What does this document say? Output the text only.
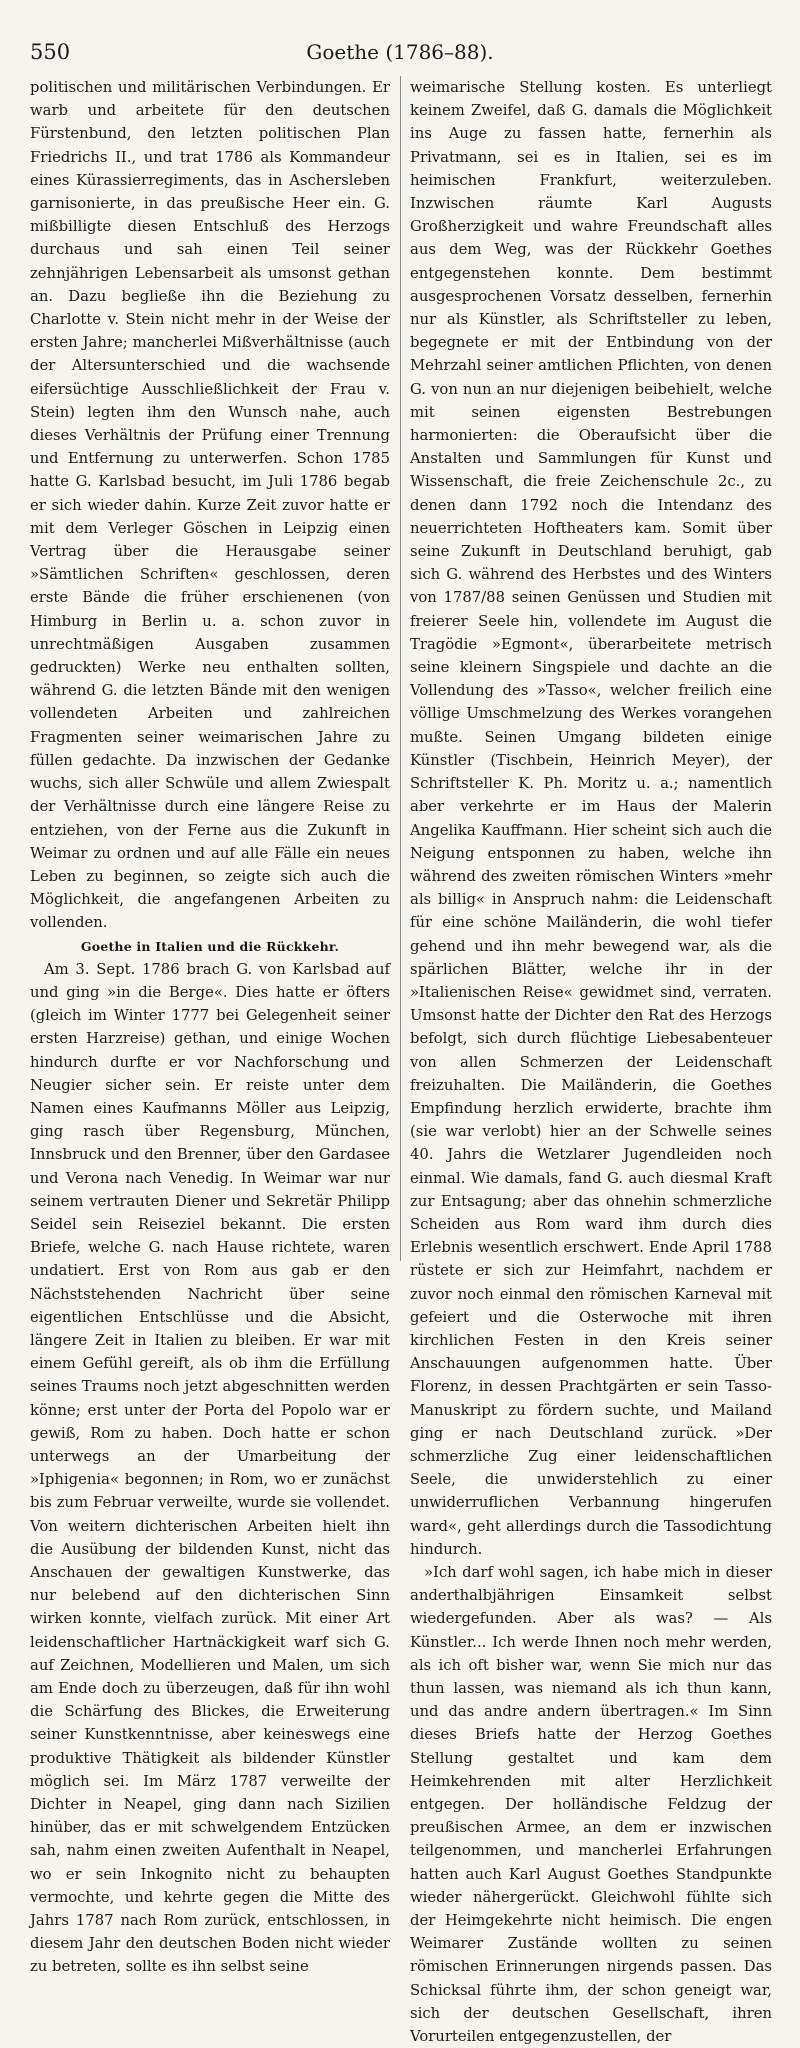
550	Goethe (1786–88).

politischen und militärischen Verbindungen. Er warb und arbeitete für den deutschen Fürstenbund, den letzten politischen Plan Friedrichs II., und trat 1786 als Kommandeur eines Kürassierregiments, das in Aschersleben garnisonierte, in das preußische Heer ein. G. mißbilligte diesen Entschluß des Herzogs durchaus und sah einen Teil seiner zehnjährigen Lebensarbeit als umsonst gethan an. Dazu begließe ihn die Beziehung zu Charlotte v. Stein nicht mehr in der Weise der ersten Jahre; mancherlei Mißverhältnisse (auch der Altersunterschied und die wachsende eifersüchtige Ausschließlichkeit der Frau v. Stein) legten ihm den Wunsch nahe, auch dieses Verhältnis der Prüfung einer Trennung und Entfernung zu unterwerfen. Schon 1785 hatte G. Karlsbad besucht, im Juli 1786 begab er sich wieder dahin. Kurze Zeit zuvor hatte er mit dem Verleger Göschen in Leipzig einen Vertrag über die Herausgabe seiner »Sämtlichen Schriften« geschlossen, deren erste Bände die früher erschienenen (von Himburg in Berlin u. a. schon zuvor in unrechtmäßigen Ausgaben zusammen gedruckten) Werke neu enthalten sollten, während G. die letzten Bände mit den wenigen vollendeten Arbeiten und zahlreichen Fragmenten seiner weimarischen Jahre zu füllen gedachte. Da inzwischen der Gedanke wuchs, sich aller Schwüle und allem Zwiespalt der Verhältnisse durch eine längere Reise zu entziehen, von der Ferne aus die Zukunft in Weimar zu ordnen und auf alle Fälle ein neues Leben zu beginnen, so zeigte sich auch die Möglichkeit, die angefangenen Arbeiten zu vollenden.

Goethe in Italien und die Rückkehr.

Am 3. Sept. 1786 brach G. von Karlsbad auf und ging »in die Berge«. Dies hatte er öfters (gleich im Winter 1777 bei Gelegenheit seiner ersten Harzreise) gethan, und einige Wochen hindurch durfte er vor Nachforschung und Neugier sicher sein. Er reiste unter dem Namen eines Kaufmanns Möller aus Leipzig, ging rasch über Regensburg, München, Innsbruck und den Brenner, über den Gardasee und Verona nach Venedig. In Weimar war nur seinem vertrauten Diener und Sekretär Philipp Seidel sein Reiseziel bekannt. Die ersten Briefe, welche G. nach Hause richtete, waren undatiert. Erst von Rom aus gab er den Nächststehenden Nachricht über seine eigentlichen Entschlüsse und die Absicht, längere Zeit in Italien zu bleiben. Er war mit einem Gefühl gereift, als ob ihm die Erfüllung seines Traums noch jetzt abgeschnitten werden könne; erst unter der Porta del Popolo war er gewiß, Rom zu haben. Doch hatte er schon unterwegs an der Umarbeitung der »Iphigenia« begonnen; in Rom, wo er zunächst bis zum Februar verweilte, wurde sie vollendet. Von weitern dichterischen Arbeiten hielt ihn die Ausübung der bildenden Kunst, nicht das Anschauen der gewaltigen Kunstwerke, das nur belebend auf den dichterischen Sinn wirken konnte, vielfach zurück. Mit einer Art leidenschaftlicher Hartnäckigkeit warf sich G. auf Zeichnen, Modellieren und Malen, um sich am Ende doch zu überzeugen, daß für ihn wohl die Schärfung des Blickes, die Erweiterung seiner Kunstkenntnisse, aber keineswegs eine produktive Thätigkeit als bildender Künstler möglich sei. Im März 1787 verweilte der Dichter in Neapel, ging dann nach Sizilien hinüber, das er mit schwelgendem Entzücken sah, nahm einen zweiten Aufenthalt in Neapel, wo er sein Inkognito nicht zu behaupten vermochte, und kehrte gegen die Mitte des Jahrs 1787 nach Rom zurück, entschlossen, in diesem Jahr den deutschen Boden nicht wieder zu betreten, sollte es ihn selbst seine

weimarische Stellung kosten. Es unterliegt keinem Zweifel, daß G. damals die Möglichkeit ins Auge zu fassen hatte, fernerhin als Privatmann, sei es in Italien, sei es im heimischen Frankfurt, weiterzuleben. Inzwischen räumte Karl Augusts Großherzigkeit und wahre Freundschaft alles aus dem Weg, was der Rückkehr Goethes entgegenstehen konnte. Dem bestimmt ausgesprochenen Vorsatz desselben, fernerhin nur als Künstler, als Schriftsteller zu leben, begegnete er mit der Entbindung von der Mehrzahl seiner amtlichen Pflichten, von denen G. von nun an nur diejenigen beibehielt, welche mit seinen eigensten Bestrebungen harmonierten: die Oberaufsicht über die Anstalten und Sammlungen für Kunst und Wissenschaft, die freie Zeichenschule 2c., zu denen dann 1792 noch die Intendanz des neuerrichteten Hoftheaters kam. Somit über seine Zukunft in Deutschland beruhigt, gab sich G. während des Herbstes und des Winters von 1787/88 seinen Genüssen und Studien mit freierer Seele hin, vollendete im August die Tragödie »Egmont«, überarbeitete metrisch seine kleinern Singspiele und dachte an die Vollendung des »Tasso«, welcher freilich eine völlige Umschmelzung des Werkes vorangehen mußte. Seinen Umgang bildeten einige Künstler (Tischbein, Heinrich Meyer), der Schriftsteller K. Ph. Moritz u. a.; namentlich aber verkehrte er im Haus der Malerin Angelika Kauffmann. Hier scheint sich auch die Neigung entsponnen zu haben, welche ihn während des zweiten römischen Winters »mehr als billig« in Anspruch nahm: die Leidenschaft für eine schöne Mailänderin, die wohl tiefer gehend und ihn mehr bewegend war, als die spärlichen Blätter, welche ihr in der »Italienischen Reise« gewidmet sind, verraten. Umsonst hatte der Dichter den Rat des Herzogs befolgt, sich durch flüchtige Liebesabenteuer von allen Schmerzen der Leidenschaft freizuhalten. Die Mailänderin, die Goethes Empfindung herzlich erwiderte, brachte ihm (sie war verlobt) hier an der Schwelle seines 40. Jahrs die Wetzlarer Jugendleiden noch einmal. Wie damals, fand G. auch diesmal Kraft zur Entsagung; aber das ohnehin schmerzliche Scheiden aus Rom ward ihm durch dies Erlebnis wesentlich erschwert. Ende April 1788 rüstete er sich zur Heimfahrt, nachdem er zuvor noch einmal den römischen Karneval mit gefeiert und die Osterwoche mit ihren kirchlichen Festen in den Kreis seiner Anschauungen aufgenommen hatte. Über Florenz, in dessen Prachtgärten er sein Tasso-Manuskript zu fördern suchte, und Mailand ging er nach Deutschland zurück. »Der schmerzliche Zug einer leidenschaftlichen Seele, die unwiderstehlich zu einer unwiderruflichen Verbannung hingerufen ward«, geht allerdings durch die Tassodichtung hindurch.

»Ich darf wohl sagen, ich habe mich in dieser anderthalbjährigen Einsamkeit selbst wiedergefunden. Aber als was? — Als Künstler... Ich werde Ihnen noch mehr werden, als ich oft bisher war, wenn Sie mich nur das thun lassen, was niemand als ich thun kann, und das andre andern übertragen.« Im Sinn dieses Briefs hatte der Herzog Goethes Stellung gestaltet und kam dem Heimkehrenden mit alter Herzlichkeit entgegen. Der holländische Feldzug der preußischen Armee, an dem er inzwischen teilgenommen, und mancherlei Erfahrungen hatten auch Karl August Goethes Standpunkte wieder nähergerückt. Gleichwohl fühlte sich der Heimgekehrte nicht heimisch. Die engen Weimarer Zustände wollten zu seinen römischen Erinnerungen nirgends passen. Das Schicksal führte ihm, der schon geneigt war, sich der deutschen Gesellschaft, ihren Vorurteilen entgegenzustellen, der
